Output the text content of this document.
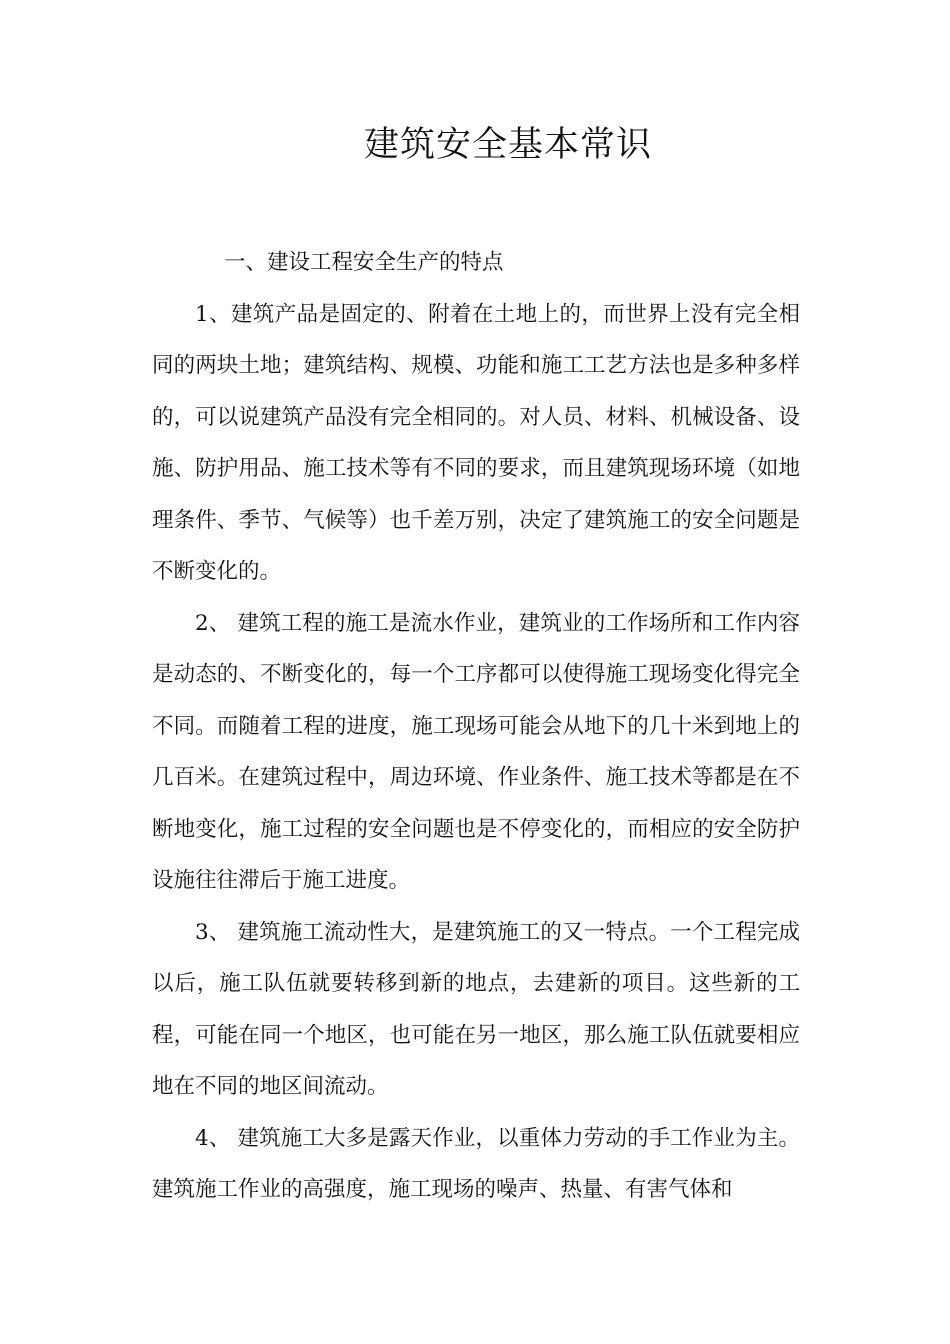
建筑安全基本常识

一、建设工程安全生产的特点

1、建筑产品是固定的、附着在土地上的，而世界上没有完全相同的两块土地；建筑结构、规模、功能和施工工艺方法也是多种多样的，可以说建筑产品没有完全相同的。对人员、材料、机械设备、设施、防护用品、施工技术等有不同的要求，而且建筑现场环境（如地理条件、季节、气候等）也千差万别，决定了建筑施工的安全问题是不断变化的。

2、 建筑工程的施工是流水作业，建筑业的工作场所和工作内容是动态的、不断变化的，每一个工序都可以使得施工现场变化得完全不同。而随着工程的进度，施工现场可能会从地下的几十米到地上的几百米。在建筑过程中，周边环境、作业条件、施工技术等都是在不断地变化，施工过程的安全问题也是不停变化的，而相应的安全防护设施往往滞后于施工进度。

3、 建筑施工流动性大，是建筑施工的又一特点。一个工程完成以后，施工队伍就要转移到新的地点，去建新的项目。这些新的工程，可能在同一个地区，也可能在另一地区，那么施工队伍就要相应地在不同的地区间流动。

4、 建筑施工大多是露天作业，以重体力劳动的手工作业为主。建筑施工作业的高强度，施工现场的噪声、热量、有害气体和
